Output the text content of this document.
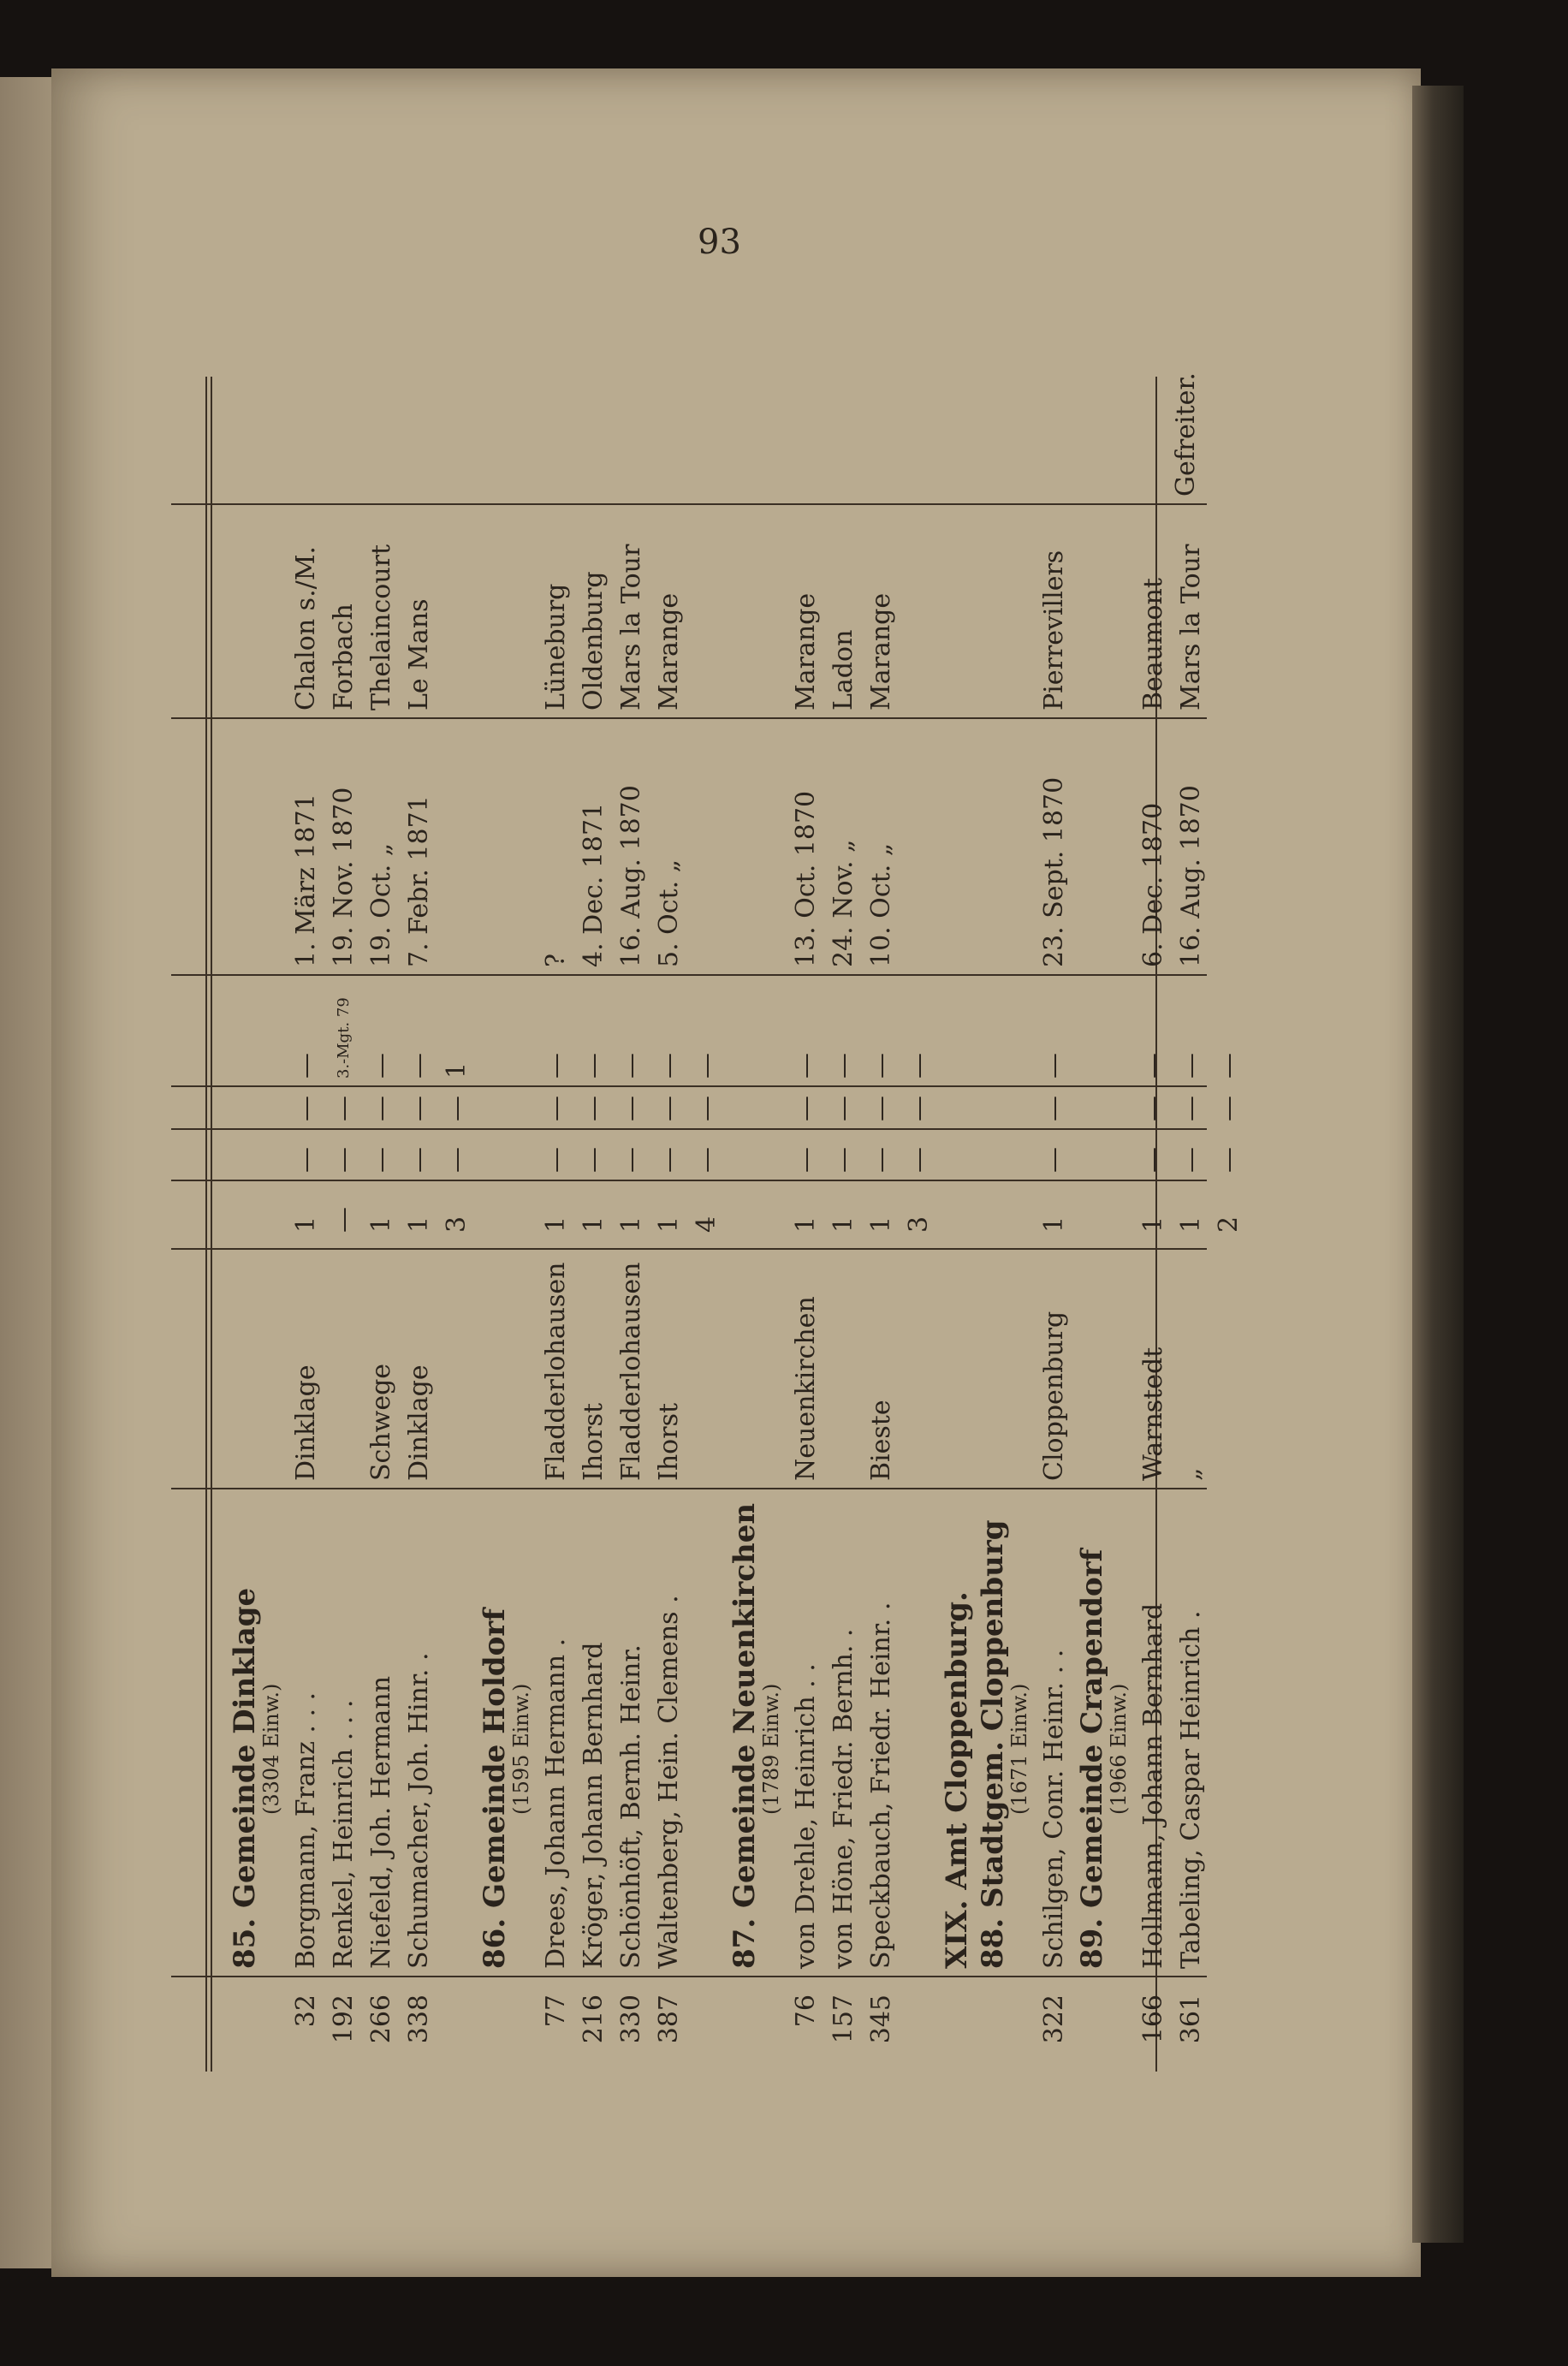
93
Gefreiter.
85. Gemeinde Dinklage
(3304 Einw.)
32
Borgmann, Franz . . .
Dinklage
1
—
—
—
1. März 1871
Chalon s./M.
192
Renkel, Heinrich . . .
—
—
—
3.-Mgt. 79
19. Nov. 1870
Forbach
266
Niefeld, Joh. Hermann
Schwege
1
—
—
—
19. Oct. „
Thelaincourt
338
Schumacher, Joh. Hinr. .
Dinklage
1
—
—
—
7. Febr. 1871
Le Mans
3
—
—
1
86. Gemeinde Holdorf
(1595 Einw.)
77
Drees, Johann Hermann .
Fladderlohausen
1
—
—
—
?
Lüneburg
216
Kröger, Johann Bernhard
Ihorst
1
—
—
—
4. Dec. 1871
Oldenburg
330
Schönhöft, Bernh. Heinr.
Fladderlohausen
1
—
—
—
16. Aug. 1870
Mars la Tour
387
Waltenberg, Hein. Clemens .
Ihorst
1
—
—
—
5. Oct. „
Marange
4
—
—
—
87. Gemeinde Neuenkirchen
(1789 Einw.)
76
von Drehle, Heinrich . .
Neuenkirchen
1
—
—
—
13. Oct. 1870
Marange
157
von Höne, Friedr. Bernh. .
1
—
—
—
24. Nov. „
Ladon
345
Speckbauch, Friedr. Heinr. .
Bieste
1
—
—
—
10. Oct. „
Marange
3
—
—
—
XIX. Amt Cloppenburg. 88. Stadtgem. Cloppenburg
(1671 Einw.)
322
Schilgen, Conr. Heinr. . .
Cloppenburg
1
—
—
—
23. Sept. 1870
Pierrevillers
89. Gemeinde Crapendorf
(1966 Einw.)
166
Hollmann, Johann Bernhard
Warnstedt
1
—
—
—
6. Dec. 1870
Beaumont
361
Tabeling, Caspar Heinrich .
„
1
—
—
—
16. Aug. 1870
Mars la Tour
2
—
—
—
